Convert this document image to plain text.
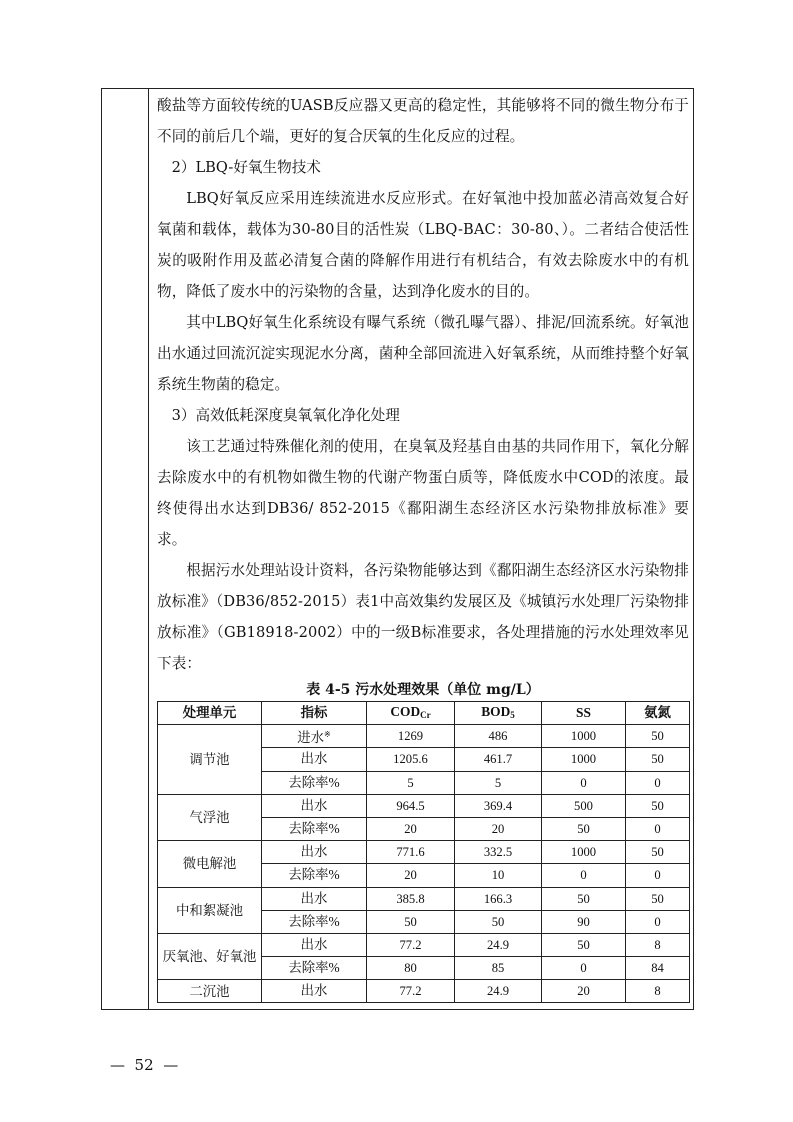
酸盐等方面较传统的UASB反应器又更高的稳定性，其能够将不同的微生物分布于不同的前后几个端，更好的复合厌氧的生化反应的过程。

2）LBQ-好氧生物技术

LBQ好氧反应采用连续流进水反应形式。在好氧池中投加蓝必清高效复合好氧菌和载体，载体为30-80目的活性炭（LBQ-BAC：30-80、）。二者结合使活性炭的吸附作用及蓝必清复合菌的降解作用进行有机结合，有效去除废水中的有机物，降低了废水中的污染物的含量，达到净化废水的目的。

其中LBQ好氧生化系统设有曝气系统（微孔曝气器）、排泥/回流系统。好氧池出水通过回流沉淀实现泥水分离，菌种全部回流进入好氧系统，从而维持整个好氧系统生物菌的稳定。

3）高效低耗深度臭氧氧化净化处理

该工艺通过特殊催化剂的使用，在臭氧及羟基自由基的共同作用下，氧化分解去除废水中的有机物如微生物的代谢产物蛋白质等，降低废水中COD的浓度。最终使得出水达到DB36/ 852-2015《鄱阳湖生态经济区水污染物排放标准》要求。

根据污水处理站设计资料，各污染物能够达到《鄱阳湖生态经济区水污染物排放标准》（DB36/852-2015）表1中高效集约发展区及《城镇污水处理厂污染物排放标准》（GB18918-2002）中的一级B标准要求，各处理措施的污水处理效率见下表：

表 4-5 污水处理效果（单位 mg/L）

处理单元	指标	$COD_{Cr}$	$BOD_5$	SS	氨氮
调节池	进水※	1269	486	1000	50
	出水	1205.6	461.7	1000	50
	去除率%	5	5	0	0
气浮池	出水	964.5	369.4	500	50
	去除率%	20	20	50	0
微电解池	出水	771.6	332.5	1000	50
	去除率%	20	10	0	0
中和絮凝池	出水	385.8	166.3	50	50
	去除率%	50	50	90	0
厌氧池、好氧池	出水	77.2	24.9	50	8
	去除率%	80	85	0	84
二沉池	出水	77.2	24.9	20	8
— 52 —
